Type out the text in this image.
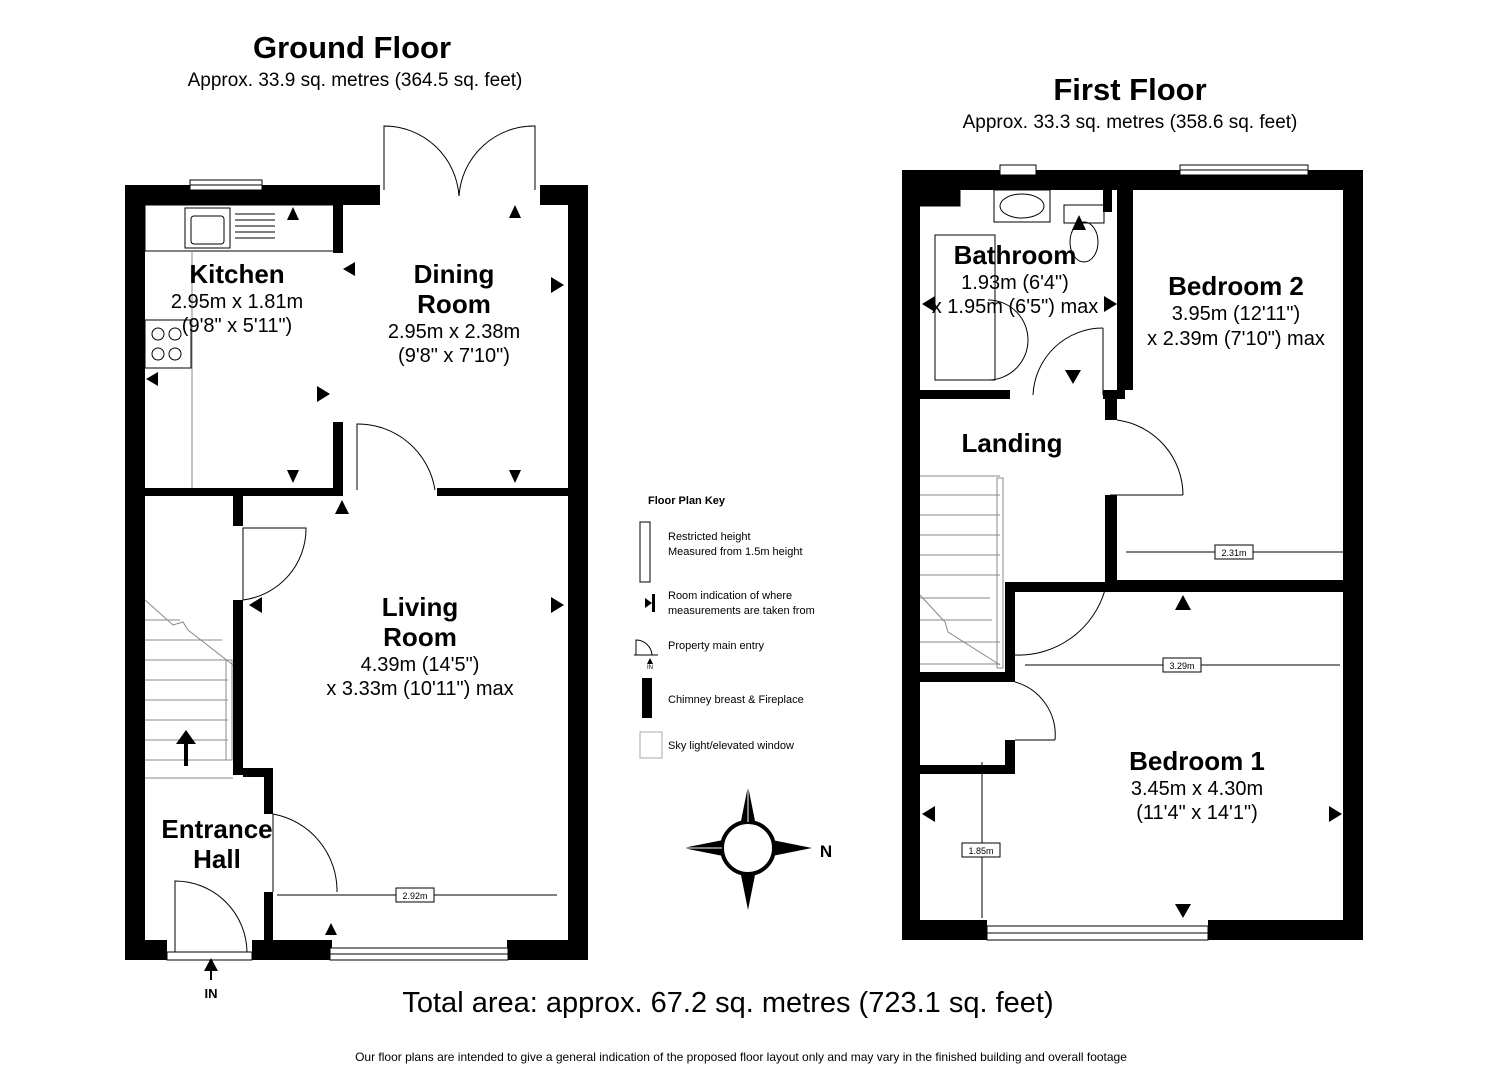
Ground Floor
Approx. 33.9 sq. metres (364.5 sq. feet)	First Floor
Approx. 33.3 sq. metres (358.6 sq. feet)
2.92m
IN
Kitchen
2.95m x 1.81m
(9'8" x 5'11")
Dining
Room
2.95m x 2.38m
(9'8" x 7'10")
Living
Room
4.39m (14'5")
x 3.33m (10'11") max
Entrance
Hall
2.31m
3.29m
1.85m
Bathroom
1.93m (6'4")
x 1.95m (6'5") max
Bedroom 2
3.95m (12'11")
x 2.39m (7'10") max
Landing
Bedroom 1
3.45m x 4.30m
(11'4" x 14'1")
Floor Plan Key
Restricted height
Measured from 1.5m height
Room indication of where
measurements are taken from
IN
Property main entry
Chimney breast & Fireplace
Sky light/elevated window
N
Total area: approx. 67.2 sq. metres (723.1 sq. feet)
Our floor plans are intended to give a general indication of the proposed floor layout only and may vary in the finished building and overall footage
